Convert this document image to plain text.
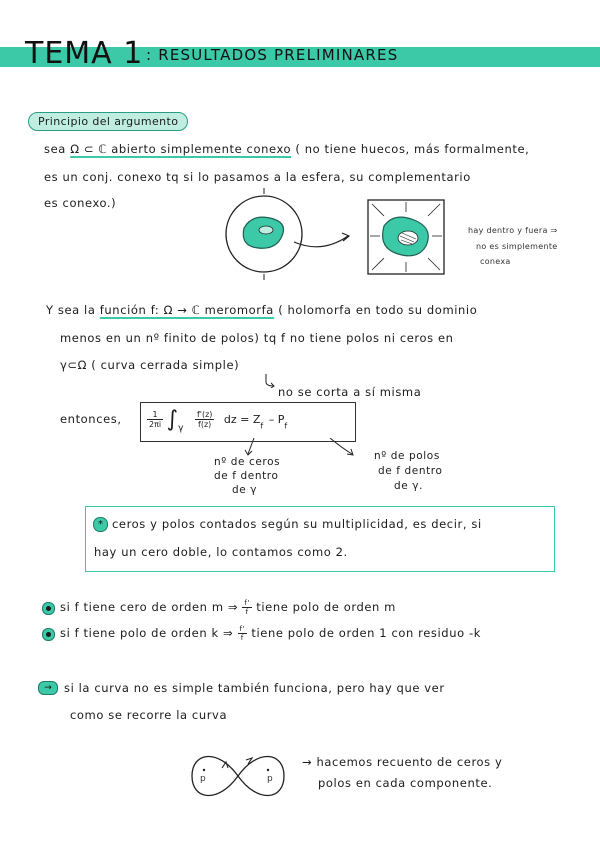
TEMA 1 : RESULTADOS PRELIMINARES
Principio del argumento
sea Ω ⊂ ℂ abierto simplemente conexo ( no tiene huecos, más formalmente,
es un conj. conexo tq si lo pasamos a la esfera, su complementario
es conexo.)
hay dentro y fuera ⇒
no es simplemente
conexa
Y sea la función f: Ω → ℂ meromorfa ( holomorfa en todo su dominio
menos en un nº finito de polos) tq f no tiene polos ni ceros en
γ⊂Ω ( curva cerrada simple)
no se corta a sí misma
entonces,	$\frac{1}{2\pi i} \int_\gamma \frac{f'(z)}{f(z)}$ dz = $Z_f - P_f$
nº de ceros
de f dentro
de γ
nº de polos
de f dentro
de γ.
* ceros y polos contados según su multiplicidad, es decir, si
hay un cero doble, lo contamos como 2.
si f tiene cero de orden m ⇒ $\frac{f'}{f}$ tiene polo de orden m
si f tiene polo de orden k ⇒ $\frac{f'}{f}$ tiene polo de orden 1 con residuo -k
→	si la curva no es simple también funciona, pero hay que ver
como se recorre la curva
p	p
→ hacemos recuento de ceros y
polos en cada componente.
